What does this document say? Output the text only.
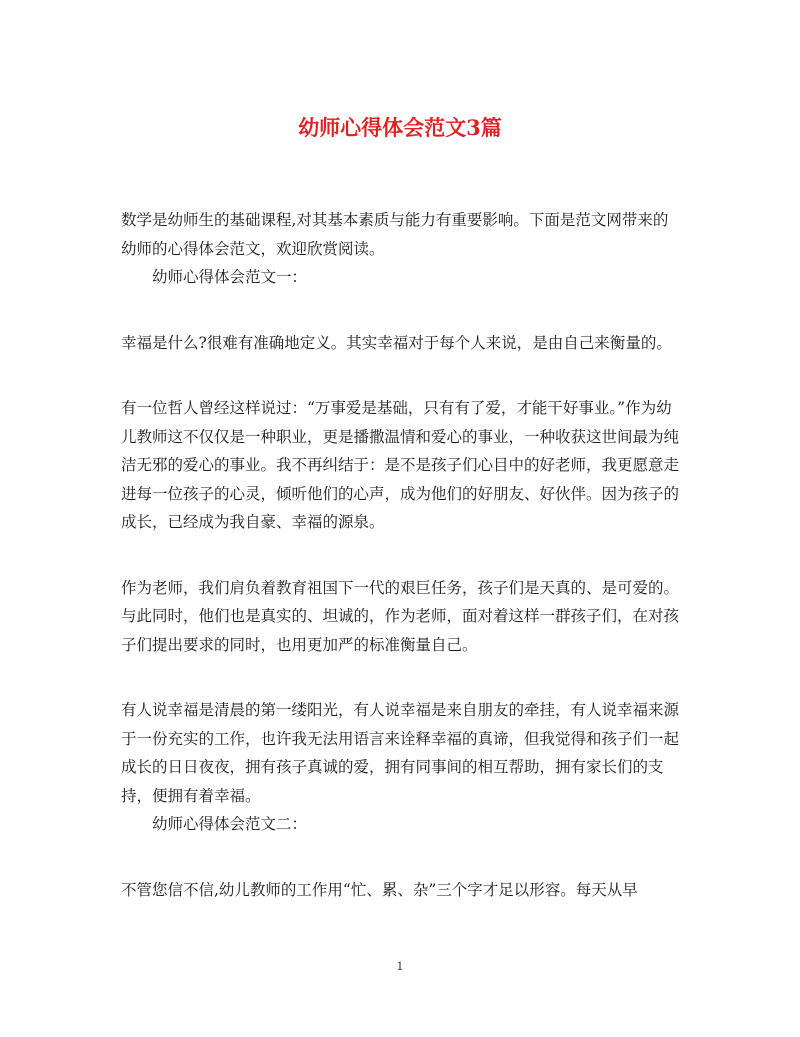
幼师心得体会范文3篇

数学是幼师生的基础课程,对其基本素质与能力有重要影响。下面是范文网带来的幼师的心得体会范文，欢迎欣赏阅读。

幼师心得体会范文一：

幸福是什么?很难有准确地定义。其实幸福对于每个人来说，是由自己来衡量的。

有一位哲人曾经这样说过：“万事爱是基础，只有有了爱，才能干好事业。”作为幼儿教师这不仅仅是一种职业，更是播撒温情和爱心的事业，一种收获这世间最为纯洁无邪的爱心的事业。我不再纠结于：是不是孩子们心目中的好老师，我更愿意走进每一位孩子的心灵，倾听他们的心声，成为他们的好朋友、好伙伴。因为孩子的成长，已经成为我自豪、幸福的源泉。

作为老师，我们肩负着教育祖国下一代的艰巨任务，孩子们是天真的、是可爱的。与此同时，他们也是真实的、坦诚的，作为老师，面对着这样一群孩子们，在对孩子们提出要求的同时，也用更加严的标准衡量自己。

有人说幸福是清晨的第一缕阳光，有人说幸福是来自朋友的牵挂，有人说幸福来源于一份充实的工作，也许我无法用语言来诠释幸福的真谛，但我觉得和孩子们一起成长的日日夜夜，拥有孩子真诚的爱，拥有同事间的相互帮助，拥有家长们的支持，便拥有着幸福。

幼师心得体会范文二：

不管您信不信,幼儿教师的工作用“忙、累、杂”三个字才足以形容。每天从早

1
